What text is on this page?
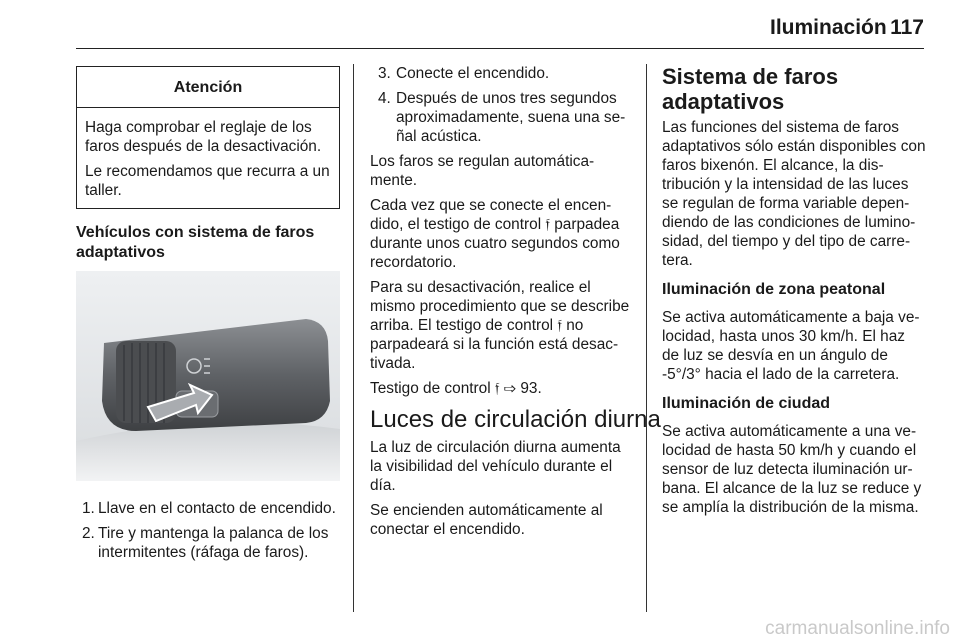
Iluminación 117
Atención

Haga comprobar el reglaje de los faros después de la desactivación.

Le recomendamos que recurra a un taller.

Vehículos con sistema de faros adaptativos
1. Llave en el contacto de encendido.
2. Tire y mantenga la palanca de los intermitentes (ráfaga de faros).
3. Conecte el encendido.
4. Después de unos tres segundos aproximadamente, suena una señal acústica.

Los faros se regulan automáticamente.

Cada vez que se conecte el encendido, el testigo de control 𝔣 parpadea durante unos cuatro segundos como recordatorio.

Para su desactivación, realice el mismo procedimiento que se describe arriba. El testigo de control 𝔣 no parpadeará si la función está desactivada.

Testigo de control 𝔣 ⇨ 93.

Luces de circulación diurna

La luz de circulación diurna aumenta la visibilidad del vehículo durante el día.

Se encienden automáticamente al conectar el encendido.

Sistema de faros adaptativos

Las funciones del sistema de faros adaptativos sólo están disponibles con faros bixenón. El alcance, la distribución y la intensidad de las luces se regulan de forma variable dependiendo de las condiciones de luminosidad, del tiempo y del tipo de carretera.

Iluminación de zona peatonal

Se activa automáticamente a baja velocidad, hasta unos 30 km/h. El haz de luz se desvía en un ángulo de -5°/3° hacia el lado de la carretera.

Iluminación de ciudad

Se activa automáticamente a una velocidad de hasta 50 km/h y cuando el sensor de luz detecta iluminación urbana. El alcance de la luz se reduce y se amplía la distribución de la misma.

carmanualsonline.info
